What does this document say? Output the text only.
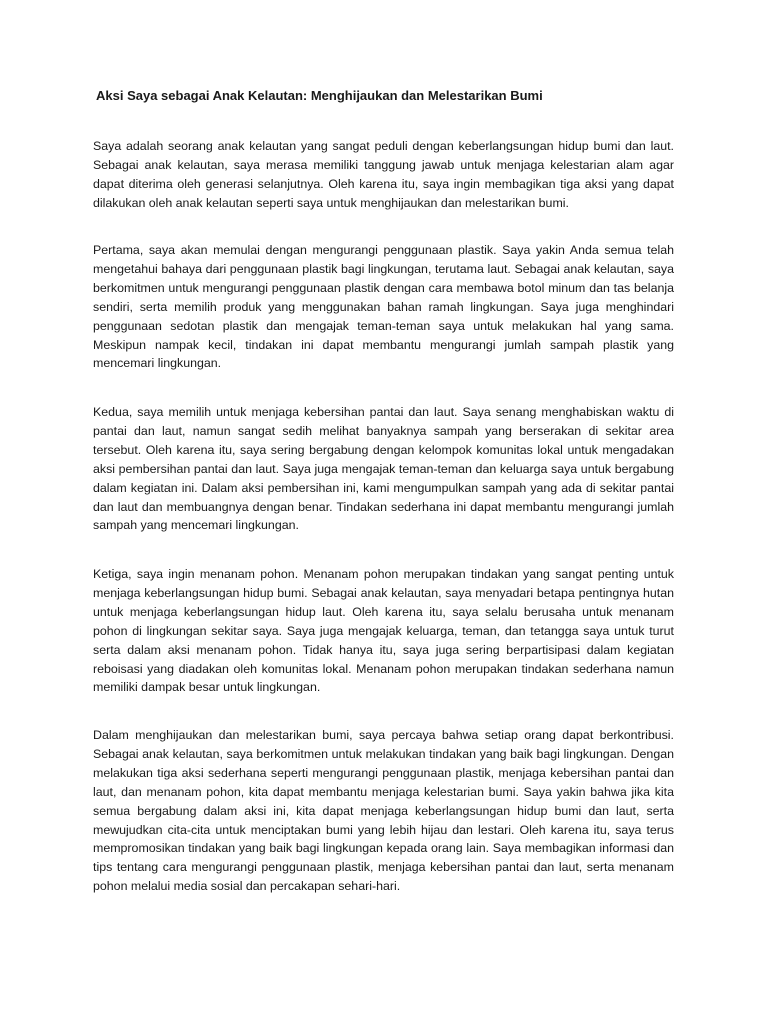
Aksi Saya sebagai Anak Kelautan: Menghijaukan dan Melestarikan Bumi

Saya adalah seorang anak kelautan yang sangat peduli dengan keberlangsungan hidup bumi dan laut. Sebagai anak kelautan, saya merasa memiliki tanggung jawab untuk menjaga kelestarian alam agar dapat diterima oleh generasi selanjutnya. Oleh karena itu, saya ingin membagikan tiga aksi yang dapat dilakukan oleh anak kelautan seperti saya untuk menghijaukan dan melestarikan bumi.

Pertama, saya akan memulai dengan mengurangi penggunaan plastik. Saya yakin Anda semua telah mengetahui bahaya dari penggunaan plastik bagi lingkungan, terutama laut. Sebagai anak kelautan, saya berkomitmen untuk mengurangi penggunaan plastik dengan cara membawa botol minum dan tas belanja sendiri, serta memilih produk yang menggunakan bahan ramah lingkungan. Saya juga menghindari penggunaan sedotan plastik dan mengajak teman-teman saya untuk melakukan hal yang sama. Meskipun nampak kecil, tindakan ini dapat membantu mengurangi jumlah sampah plastik yang mencemari lingkungan.

Kedua, saya memilih untuk menjaga kebersihan pantai dan laut. Saya senang menghabiskan waktu di pantai dan laut, namun sangat sedih melihat banyaknya sampah yang berserakan di sekitar area tersebut. Oleh karena itu, saya sering bergabung dengan kelompok komunitas lokal untuk mengadakan aksi pembersihan pantai dan laut. Saya juga mengajak teman-teman dan keluarga saya untuk bergabung dalam kegiatan ini. Dalam aksi pembersihan ini, kami mengumpulkan sampah yang ada di sekitar pantai dan laut dan membuangnya dengan benar. Tindakan sederhana ini dapat membantu mengurangi jumlah sampah yang mencemari lingkungan.

Ketiga, saya ingin menanam pohon. Menanam pohon merupakan tindakan yang sangat penting untuk menjaga keberlangsungan hidup bumi. Sebagai anak kelautan, saya menyadari betapa pentingnya hutan untuk menjaga keberlangsungan hidup laut. Oleh karena itu, saya selalu berusaha untuk menanam pohon di lingkungan sekitar saya. Saya juga mengajak keluarga, teman, dan tetangga saya untuk turut serta dalam aksi menanam pohon. Tidak hanya itu, saya juga sering berpartisipasi dalam kegiatan reboisasi yang diadakan oleh komunitas lokal. Menanam pohon merupakan tindakan sederhana namun memiliki dampak besar untuk lingkungan.

Dalam menghijaukan dan melestarikan bumi, saya percaya bahwa setiap orang dapat berkontribusi. Sebagai anak kelautan, saya berkomitmen untuk melakukan tindakan yang baik bagi lingkungan. Dengan melakukan tiga aksi sederhana seperti mengurangi penggunaan plastik, menjaga kebersihan pantai dan laut, dan menanam pohon, kita dapat membantu menjaga kelestarian bumi. Saya yakin bahwa jika kita semua bergabung dalam aksi ini, kita dapat menjaga keberlangsungan hidup bumi dan laut, serta mewujudkan cita-cita untuk menciptakan bumi yang lebih hijau dan lestari. Oleh karena itu, saya terus mempromosikan tindakan yang baik bagi lingkungan kepada orang lain. Saya membagikan informasi dan tips tentang cara mengurangi penggunaan plastik, menjaga kebersihan pantai dan laut, serta menanam pohon melalui media sosial dan percakapan sehari-hari.
